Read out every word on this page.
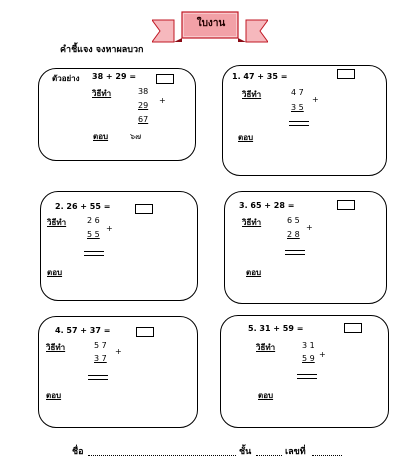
ใบงาน
คำชี้แจง จงหาผลบวก
ตัวอย่าง 38 + 29 =
วิธีทำ	38
29
+
67
ตอบ	๖๗
1. 47 + 35 =
วิธีทำ	4 7
+
3 5
ตอบ
2. 26 + 55 =
วิธีทำ	2 6
+
5 5
ตอบ
3. 65 + 28 =
วิธีทำ	6 5
+
2 8
ตอบ
4. 57 + 37 =
วิธีทำ	5 7
+
3 7
ตอบ
5. 31 + 59 =
วิธีทำ	3 1
+
5 9
ตอบ
ชื่อ	ชั้น	เลขที่
